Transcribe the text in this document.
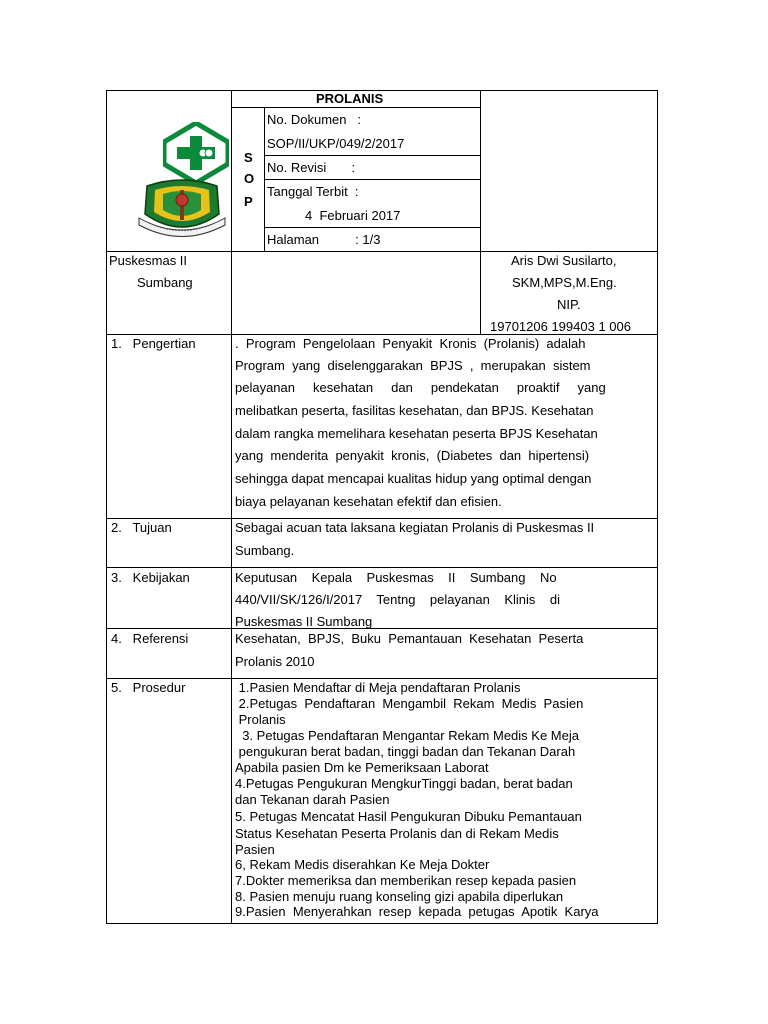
PROLANIS
S
O
P
No. Dokumen   :
SOP/II/UKP/049/2/2017
No. Revisi       :
Tanggal Terbit  :
4  Februari 2017
Halaman          : 1/3
Puskesmas II
Sumbang
Aris Dwi Susilarto,
SKM,MPS,M.Eng.
NIP.
19701206 199403 1 006
1.   Pengertian
2.   Tujuan
3.   Kebijakan
4.   Referensi
5.   Prosedur
.  Program  Pengelolaan  Penyakit  Kronis  (Prolanis)  adalah
Program  yang  diselenggarakan  BPJS  ,  merupakan  sistem
pelayanan     kesehatan     dan     pendekatan     proaktif     yang
melibatkan peserta, fasilitas kesehatan, dan BPJS. Kesehatan
dalam rangka memelihara kesehatan peserta BPJS Kesehatan
yang  menderita  penyakit  kronis,  (Diabetes  dan  hipertensi)
sehingga dapat mencapai kualitas hidup yang optimal dengan
biaya pelayanan kesehatan efektif dan efisien.
Sebagai acuan tata laksana kegiatan Prolanis di Puskesmas II
Sumbang.
Keputusan    Kepala    Puskesmas    II    Sumbang    No
440/VII/SK/126/I/2017    Tentng    pelayanan    Klinis    di
Puskesmas II Sumbang
Kesehatan,  BPJS,  Buku  Pemantauan  Kesehatan  Peserta
Prolanis 2010
1.Pasien Mendaftar di Meja pendaftaran Prolanis
2.Petugas  Pendaftaran  Mengambil  Rekam  Medis  Pasien
Prolanis
3. Petugas Pendaftaran Mengantar Rekam Medis Ke Meja
pengukuran berat badan, tinggi badan dan Tekanan Darah
Apabila pasien Dm ke Pemeriksaan Laborat
4.Petugas Pengukuran MengkurTinggi badan, berat badan
dan Tekanan darah Pasien
5. Petugas Mencatat Hasil Pengukuran Dibuku Pemantauan
Status Kesehatan Peserta Prolanis dan di Rekam Medis
Pasien
6, Rekam Medis diserahkan Ke Meja Dokter
7.Dokter memeriksa dan memberikan resep kepada pasien
8. Pasien menuju ruang konseling gizi apabila diperlukan
9.Pasien  Menyerahkan  resep  kepada  petugas  Apotik  Karya
